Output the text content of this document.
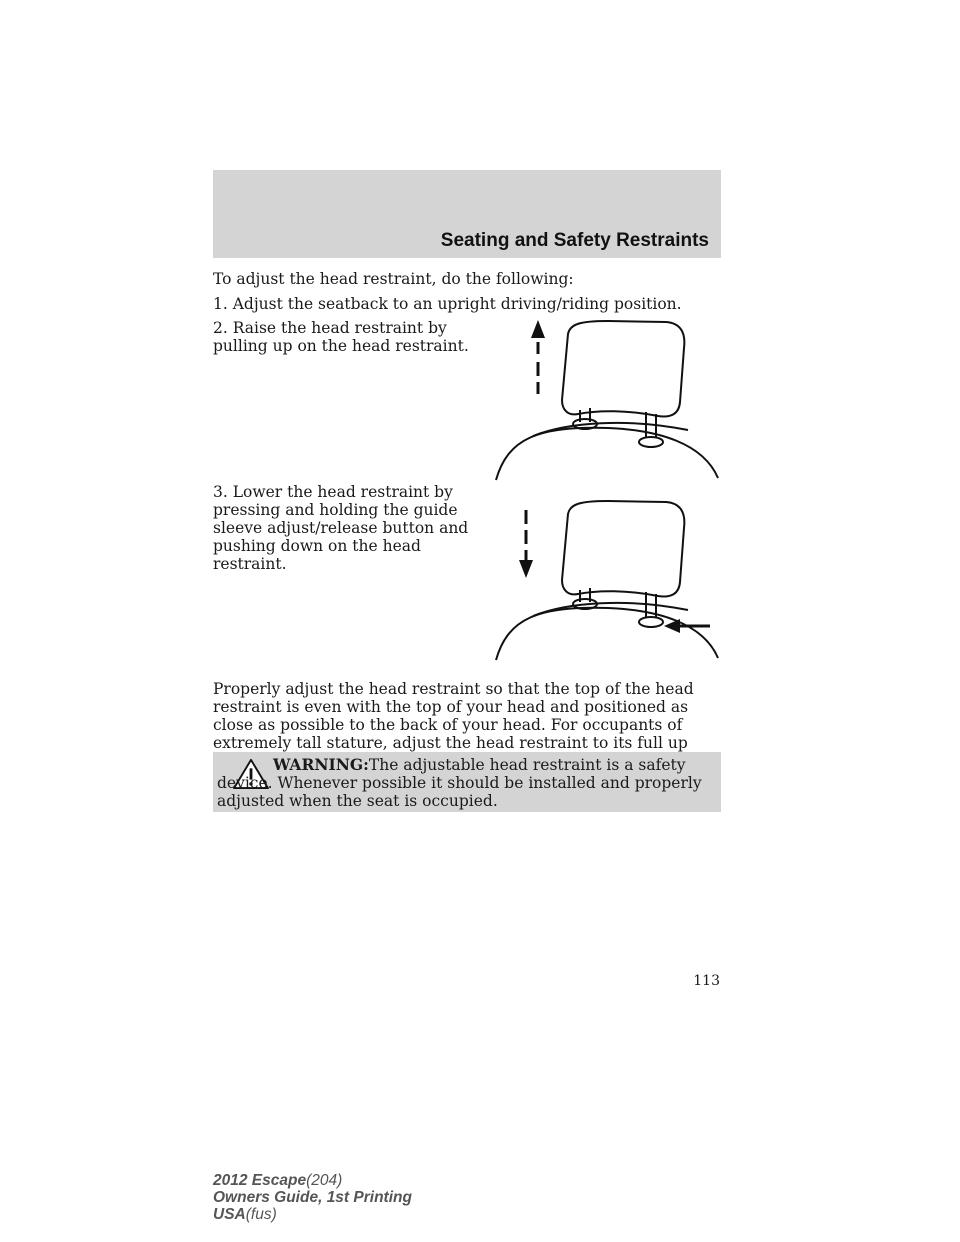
Seating and Safety Restraints
To adjust the head restraint, do the following:
1. Adjust the seatback to an upright driving/riding position.
2. Raise the head restraint by
pulling up on the head restraint.
3. Lower the head restraint by
pressing and holding the guide
sleeve adjust/release button and
pushing down on the head restraint.
Properly adjust the head restraint so that the top of the head restraint is even with the top of your head and positioned as close as possible to the back of your head. For occupants of extremely tall stature, adjust the head restraint to its full up
WARNING:The adjustable head restraint is a safety device. Whenever possible it should be installed and properly adjusted when the seat is occupied.
113
2012 Escape(204)
Owners Guide, 1st Printing
USA(fus)
